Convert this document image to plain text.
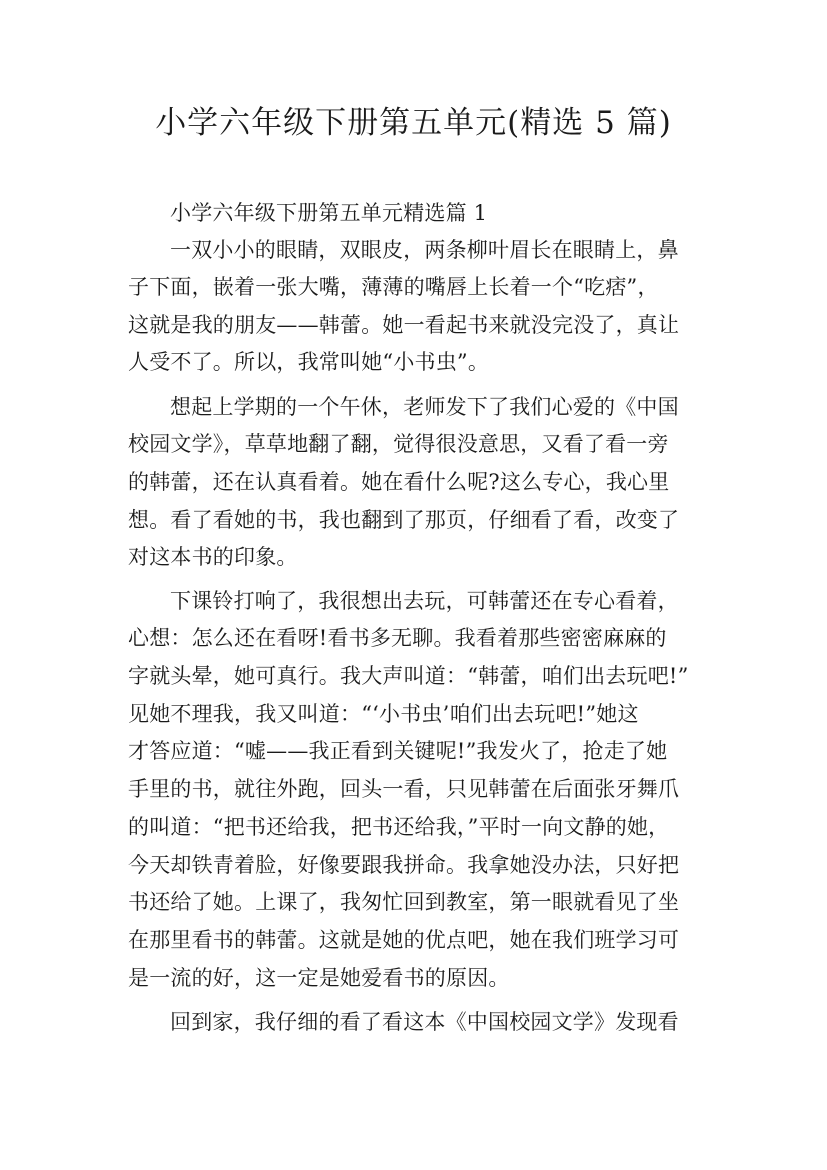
小学六年级下册第五单元(精选 5 篇)
小学六年级下册第五单元精选篇 1
一双小小的眼睛，双眼皮，两条柳叶眉长在眼睛上，鼻
子下面，嵌着一张大嘴，薄薄的嘴唇上长着一个“吃痞”，
这就是我的朋友——韩蕾。她一看起书来就没完没了，真让
人受不了。所以，我常叫她“小书虫”。
想起上学期的一个午休，老师发下了我们心爱的《中国
校园文学》，草草地翻了翻，觉得很没意思，又看了看一旁
的韩蕾，还在认真看着。她在看什么呢?这么专心，我心里
想。看了看她的书，我也翻到了那页，仔细看了看，改变了
对这本书的印象。
下课铃打响了，我很想出去玩，可韩蕾还在专心看着，
心想：怎么还在看呀!看书多无聊。我看着那些密密麻麻的
字就头晕，她可真行。我大声叫道：“韩蕾，咱们出去玩吧!”
见她不理我，我又叫道：“‘小书虫’咱们出去玩吧!”她这
才答应道：“嘘——我正看到关键呢!”我发火了，抢走了她
手里的书，就往外跑，回头一看，只见韩蕾在后面张牙舞爪
的叫道：“把书还给我，把书还给我，”平时一向文静的她，
今天却铁青着脸，好像要跟我拼命。我拿她没办法，只好把
书还给了她。上课了，我匆忙回到教室，第一眼就看见了坐
在那里看书的韩蕾。这就是她的优点吧，她在我们班学习可
是一流的好，这一定是她爱看书的原因。
回到家，我仔细的看了看这本《中国校园文学》发现看
